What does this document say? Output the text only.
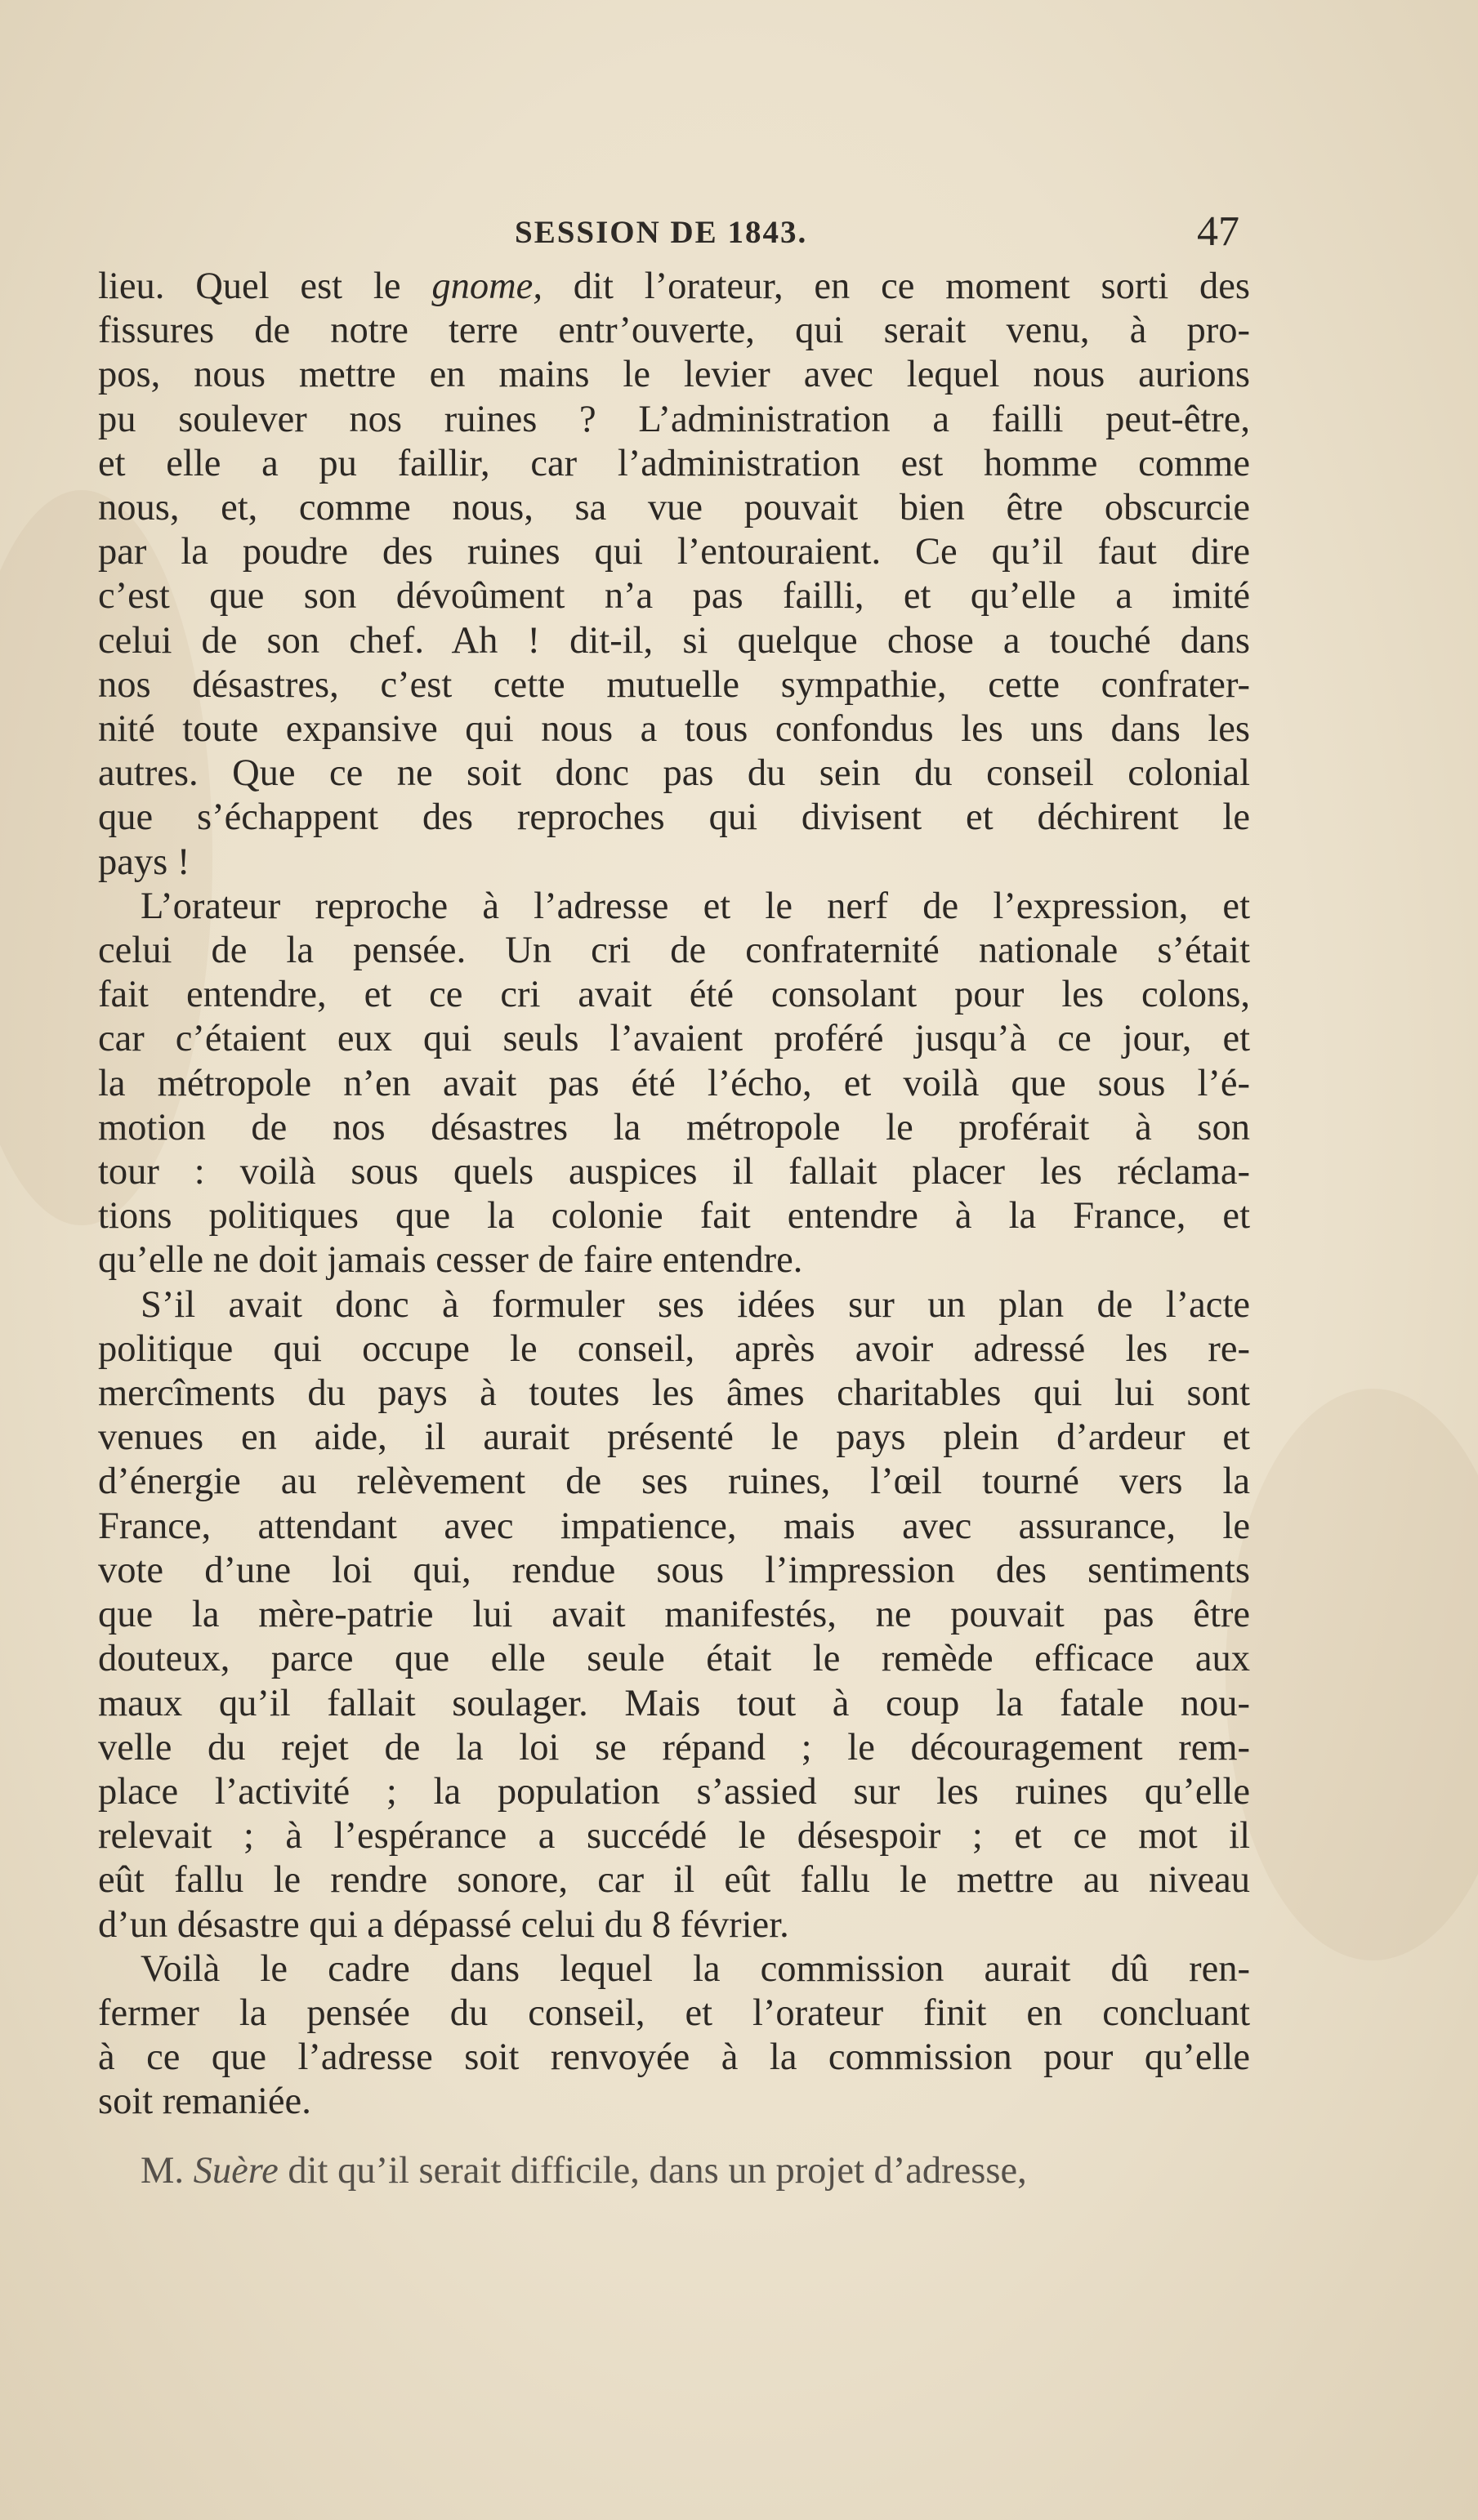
SESSION DE 1843.	47
lieu. Quel est le gnome, dit l’orateur, en ce moment sorti des
fissures de notre terre entr’ouverte, qui serait venu, à pro-
pos, nous mettre en mains le levier avec lequel nous aurions
pu soulever nos ruines ? L’administration a failli peut-être,
et elle a pu faillir, car l’administration est homme comme
nous, et, comme nous, sa vue pouvait bien être obscurcie
par la poudre des ruines qui l’entouraient. Ce qu’il faut dire
c’est que son dévoûment n’a pas failli, et qu’elle a imité
celui de son chef. Ah ! dit-il, si quelque chose a touché dans
nos désastres, c’est cette mutuelle sympathie, cette confrater-
nité toute expansive qui nous a tous confondus les uns dans les
autres. Que ce ne soit donc pas du sein du conseil colonial
que s’échappent des reproches qui divisent et déchirent le
pays !
L’orateur reproche à l’adresse et le nerf de l’expression, et
celui de la pensée. Un cri de confraternité nationale s’était
fait entendre, et ce cri avait été consolant pour les colons,
car c’étaient eux qui seuls l’avaient proféré jusqu’à ce jour, et
la métropole n’en avait pas été l’écho, et voilà que sous l’é-
motion de nos désastres la métropole le proférait à son
tour : voilà sous quels auspices il fallait placer les réclama-
tions politiques que la colonie fait entendre à la France, et
qu’elle ne doit jamais cesser de faire entendre.
S’il avait donc à formuler ses idées sur un plan de l’acte
politique qui occupe le conseil, après avoir adressé les re-
mercîments du pays à toutes les âmes charitables qui lui sont
venues en aide, il aurait présenté le pays plein d’ardeur et
d’énergie au relèvement de ses ruines, l’œil tourné vers la
France, attendant avec impatience, mais avec assurance, le
vote d’une loi qui, rendue sous l’impression des sentiments
que la mère-patrie lui avait manifestés, ne pouvait pas être
douteux, parce que elle seule était le remède efficace aux
maux qu’il fallait soulager. Mais tout à coup la fatale nou-
velle du rejet de la loi se répand ; le découragement rem-
place l’activité ; la population s’assied sur les ruines qu’elle
relevait ; à l’espérance a succédé le désespoir ; et ce mot il
eût fallu le rendre sonore, car il eût fallu le mettre au niveau
d’un désastre qui a dépassé celui du 8 février.
Voilà le cadre dans lequel la commission aurait dû ren-
fermer la pensée du conseil, et l’orateur finit en concluant
à ce que l’adresse soit renvoyée à la commission pour qu’elle
soit remaniée.
M. Suère dit qu’il serait difficile, dans un projet d’adresse,
